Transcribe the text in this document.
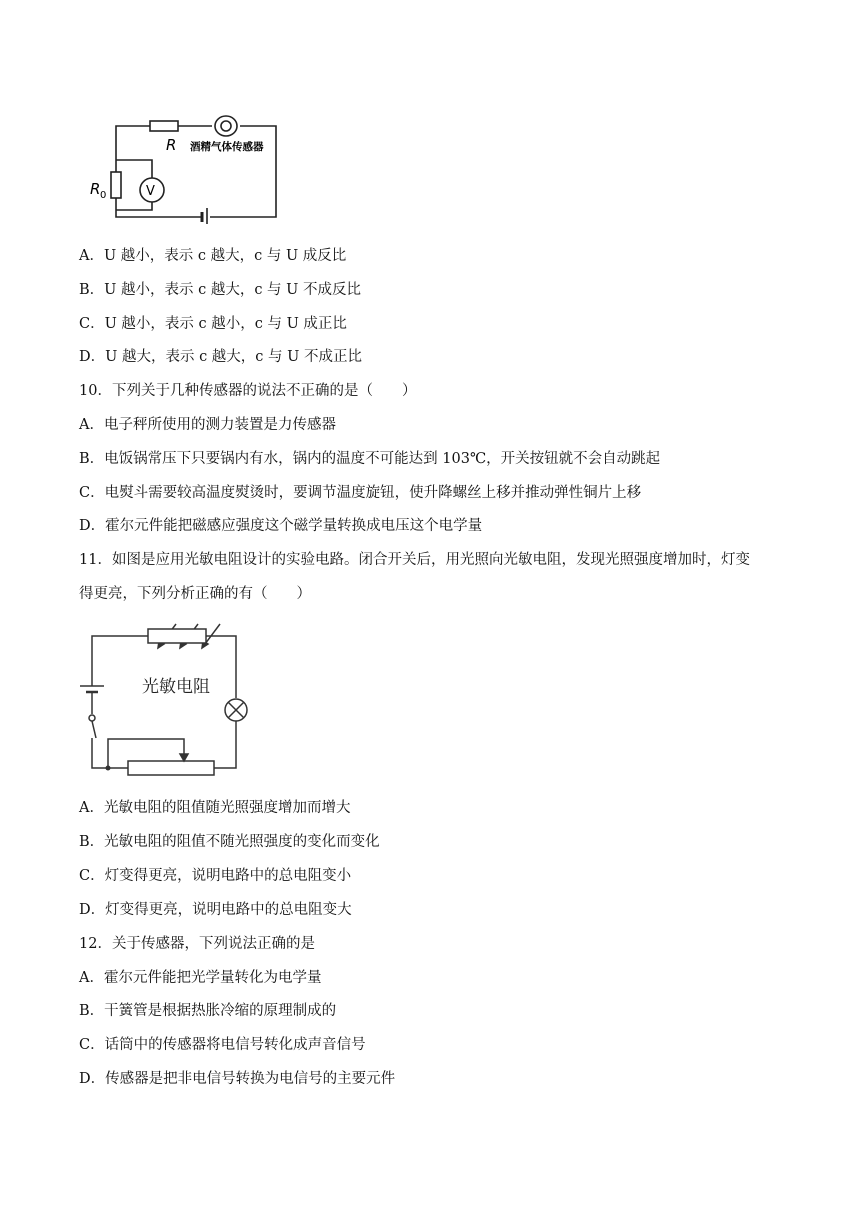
R 酒精气体传感器
R 0	V
A．U 越小，表示 c 越大，c 与 U 成反比
B．U 越小，表示 c 越大，c 与 U 不成反比
C．U 越小，表示 c 越小，c 与 U 成正比
D．U 越大，表示 c 越大，c 与 U 不成正比
10．下列关于几种传感器的说法不正确的是（　　）
A．电子秤所使用的测力装置是力传感器
B．电饭锅常压下只要锅内有水，锅内的温度不可能达到 103℃，开关按钮就不会自动跳起
C．电熨斗需要较高温度熨烫时，要调节温度旋钮，使升降螺丝上移并推动弹性铜片上移
D．霍尔元件能把磁感应强度这个磁学量转换成电压这个电学量
11．如图是应用光敏电阻设计的实验电路。闭合开关后，用光照向光敏电阻，发现光照强度增加时，灯变
得更亮，下列分析正确的有（　　）
光敏电阻
A．光敏电阻的阻值随光照强度增加而增大
B．光敏电阻的阻值不随光照强度的变化而变化
C．灯变得更亮，说明电路中的总电阻变小
D．灯变得更亮，说明电路中的总电阻变大
12．关于传感器，下列说法正确的是
A．霍尔元件能把光学量转化为电学量
B．干簧管是根据热胀冷缩的原理制成的
C．话筒中的传感器将电信号转化成声音信号
D．传感器是把非电信号转换为电信号的主要元件
